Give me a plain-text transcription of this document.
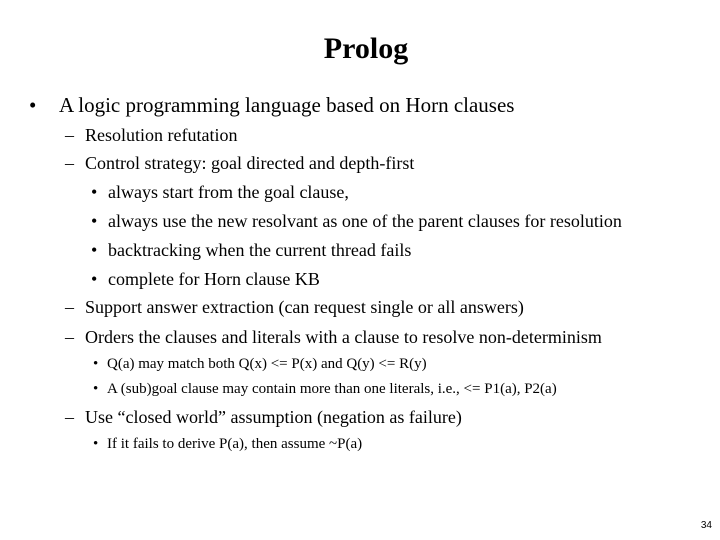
Prolog
• A logic programming language based on Horn clauses
– Resolution refutation
– Control strategy: goal directed and depth-first
• always start from the goal clause,
• always use the new resolvant as one of the parent clauses for resolution
• backtracking when the current thread fails
• complete for Horn clause KB
– Support answer extraction (can request single or all answers)
– Orders the clauses and literals with a clause to resolve non-determinism
• Q(a) may match both Q(x) <= P(x) and Q(y) <= R(y)
• A (sub)goal clause may contain more than one literals, i.e., <= P1(a), P2(a)
– Use “closed world” assumption (negation as failure)
• If it fails to derive P(a), then assume ~P(a)
34
